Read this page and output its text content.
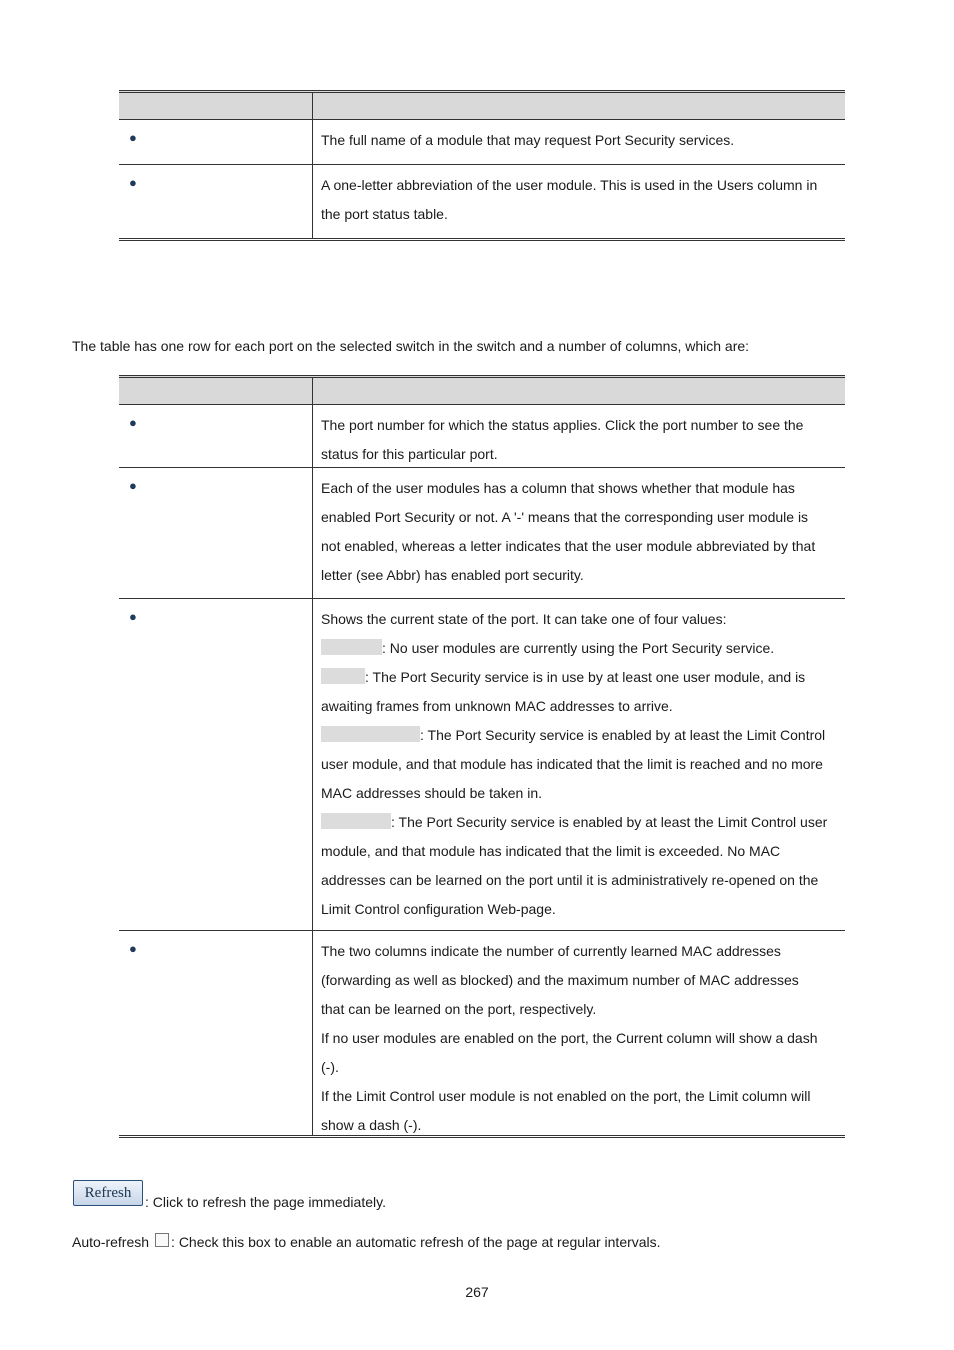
●	The full name of a module that may request Port Security services.
●	A one-letter abbreviation of the user module. This is used in the Users column in
the port status table.
The table has one row for each port on the selected switch in the switch and a number of columns, which are:
●	The port number for which the status applies. Click the port number to see the
status for this particular port.
●	Each of the user modules has a column that shows whether that module has
enabled Port Security or not. A '-' means that the corresponding user module is
not enabled, whereas a letter indicates that the user module abbreviated by that
letter (see Abbr) has enabled port security.
●	Shows the current state of the port. It can take one of four values:
: No user modules are currently using the Port Security service.
: The Port Security service is in use by at least one user module, and is
awaiting frames from unknown MAC addresses to arrive.
: The Port Security service is enabled by at least the Limit Control
user module, and that module has indicated that the limit is reached and no more
MAC addresses should be taken in.
: The Port Security service is enabled by at least the Limit Control user
module, and that module has indicated that the limit is exceeded. No MAC
addresses can be learned on the port until it is administratively re-opened on the
Limit Control configuration Web-page.
●	The two columns indicate the number of currently learned MAC addresses
(forwarding as well as blocked) and the maximum number of MAC addresses
that can be learned on the port, respectively.
If no user modules are enabled on the port, the Current column will show a dash
(-).
If the Limit Control user module is not enabled on the port, the Limit column will
show a dash (-).
Refresh
: Click to refresh the page immediately.
Auto-refresh : Check this box to enable an automatic refresh of the page at regular intervals.
267
